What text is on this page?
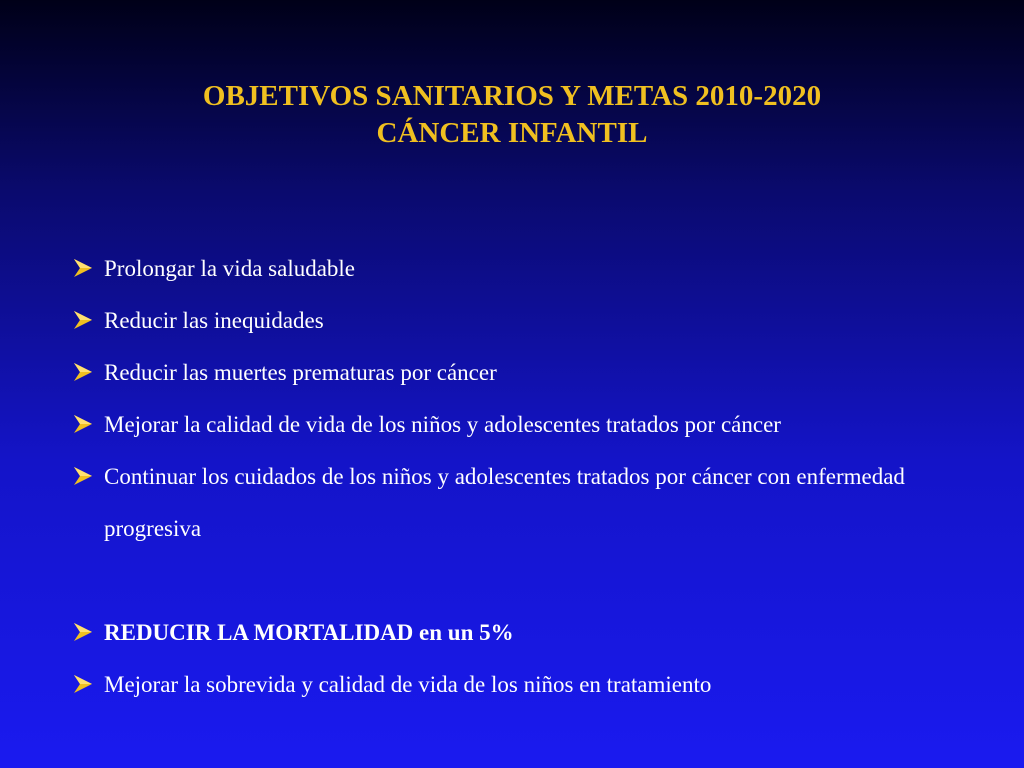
OBJETIVOS SANITARIOS Y METAS 2010-2020
CÁNCER INFANTIL
Prolongar la vida saludable
Reducir las inequidades
Reducir las muertes prematuras por cáncer
Mejorar la calidad de vida de los niños y adolescentes tratados por cáncer
Continuar los cuidados de los niños y adolescentes tratados por cáncer con enfermedad progresiva
REDUCIR LA MORTALIDAD en un 5%
Mejorar la sobrevida y calidad de vida de los niños en tratamiento
